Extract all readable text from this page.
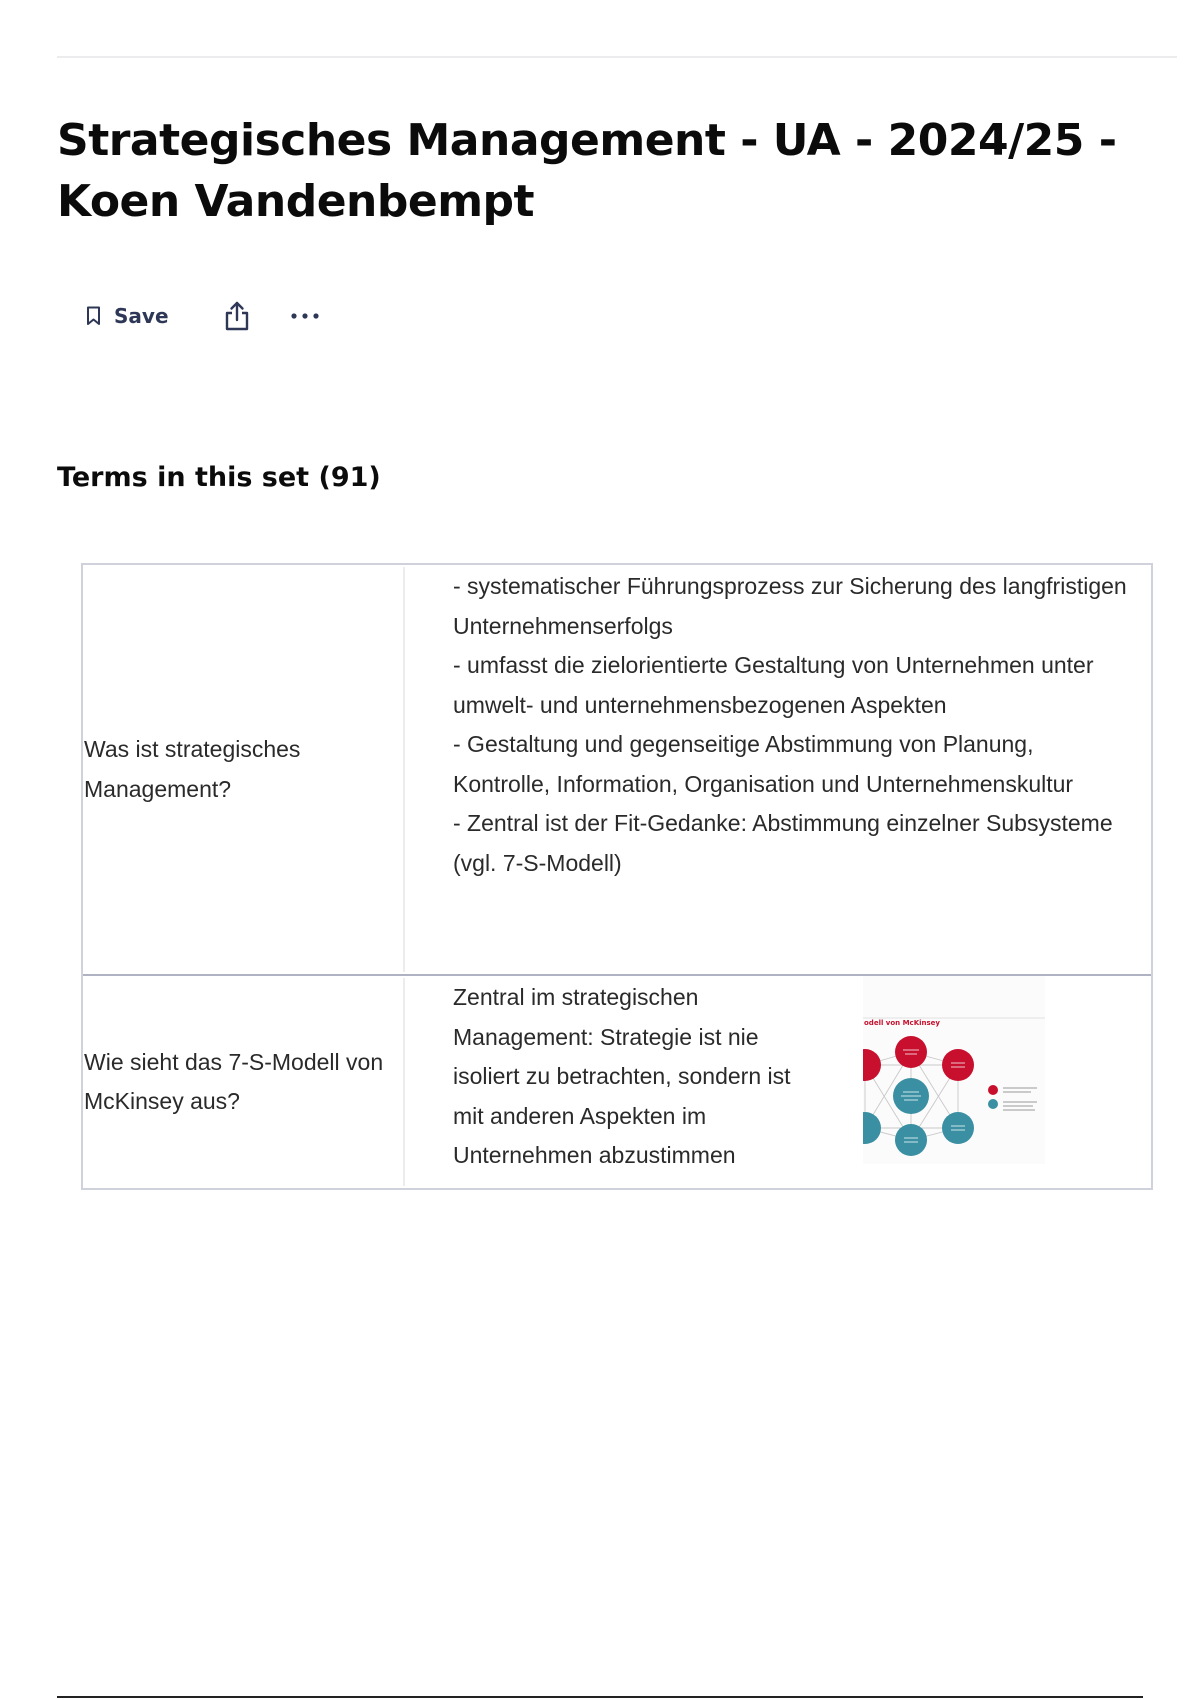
Strategisches Management - UA - 2024/25 - Koen Vandenbempt
Save
Terms in this set (91)
Was ist strategisches Management?
- systematischer Führungsprozess zur Sicherung des langfristigen Unternehmenserfolgs
- umfasst die zielorientierte Gestaltung von Unternehmen unter umwelt- und unternehmensbezogenen Aspekten
- Gestaltung und gegenseitige Abstimmung von Planung, Kontrolle, Information, Organisation und Unternehmenskultur
- Zentral ist der Fit-Gedanke: Abstimmung einzelner Subsysteme (vgl. 7-S-Modell)
Wie sieht das 7-S-Modell von McKinsey aus?
Zentral im strategischen Management: Strategie ist nie isoliert zu betrachten, sondern ist mit anderen Aspekten im Unternehmen abzustimmen

odell von McKinsey
